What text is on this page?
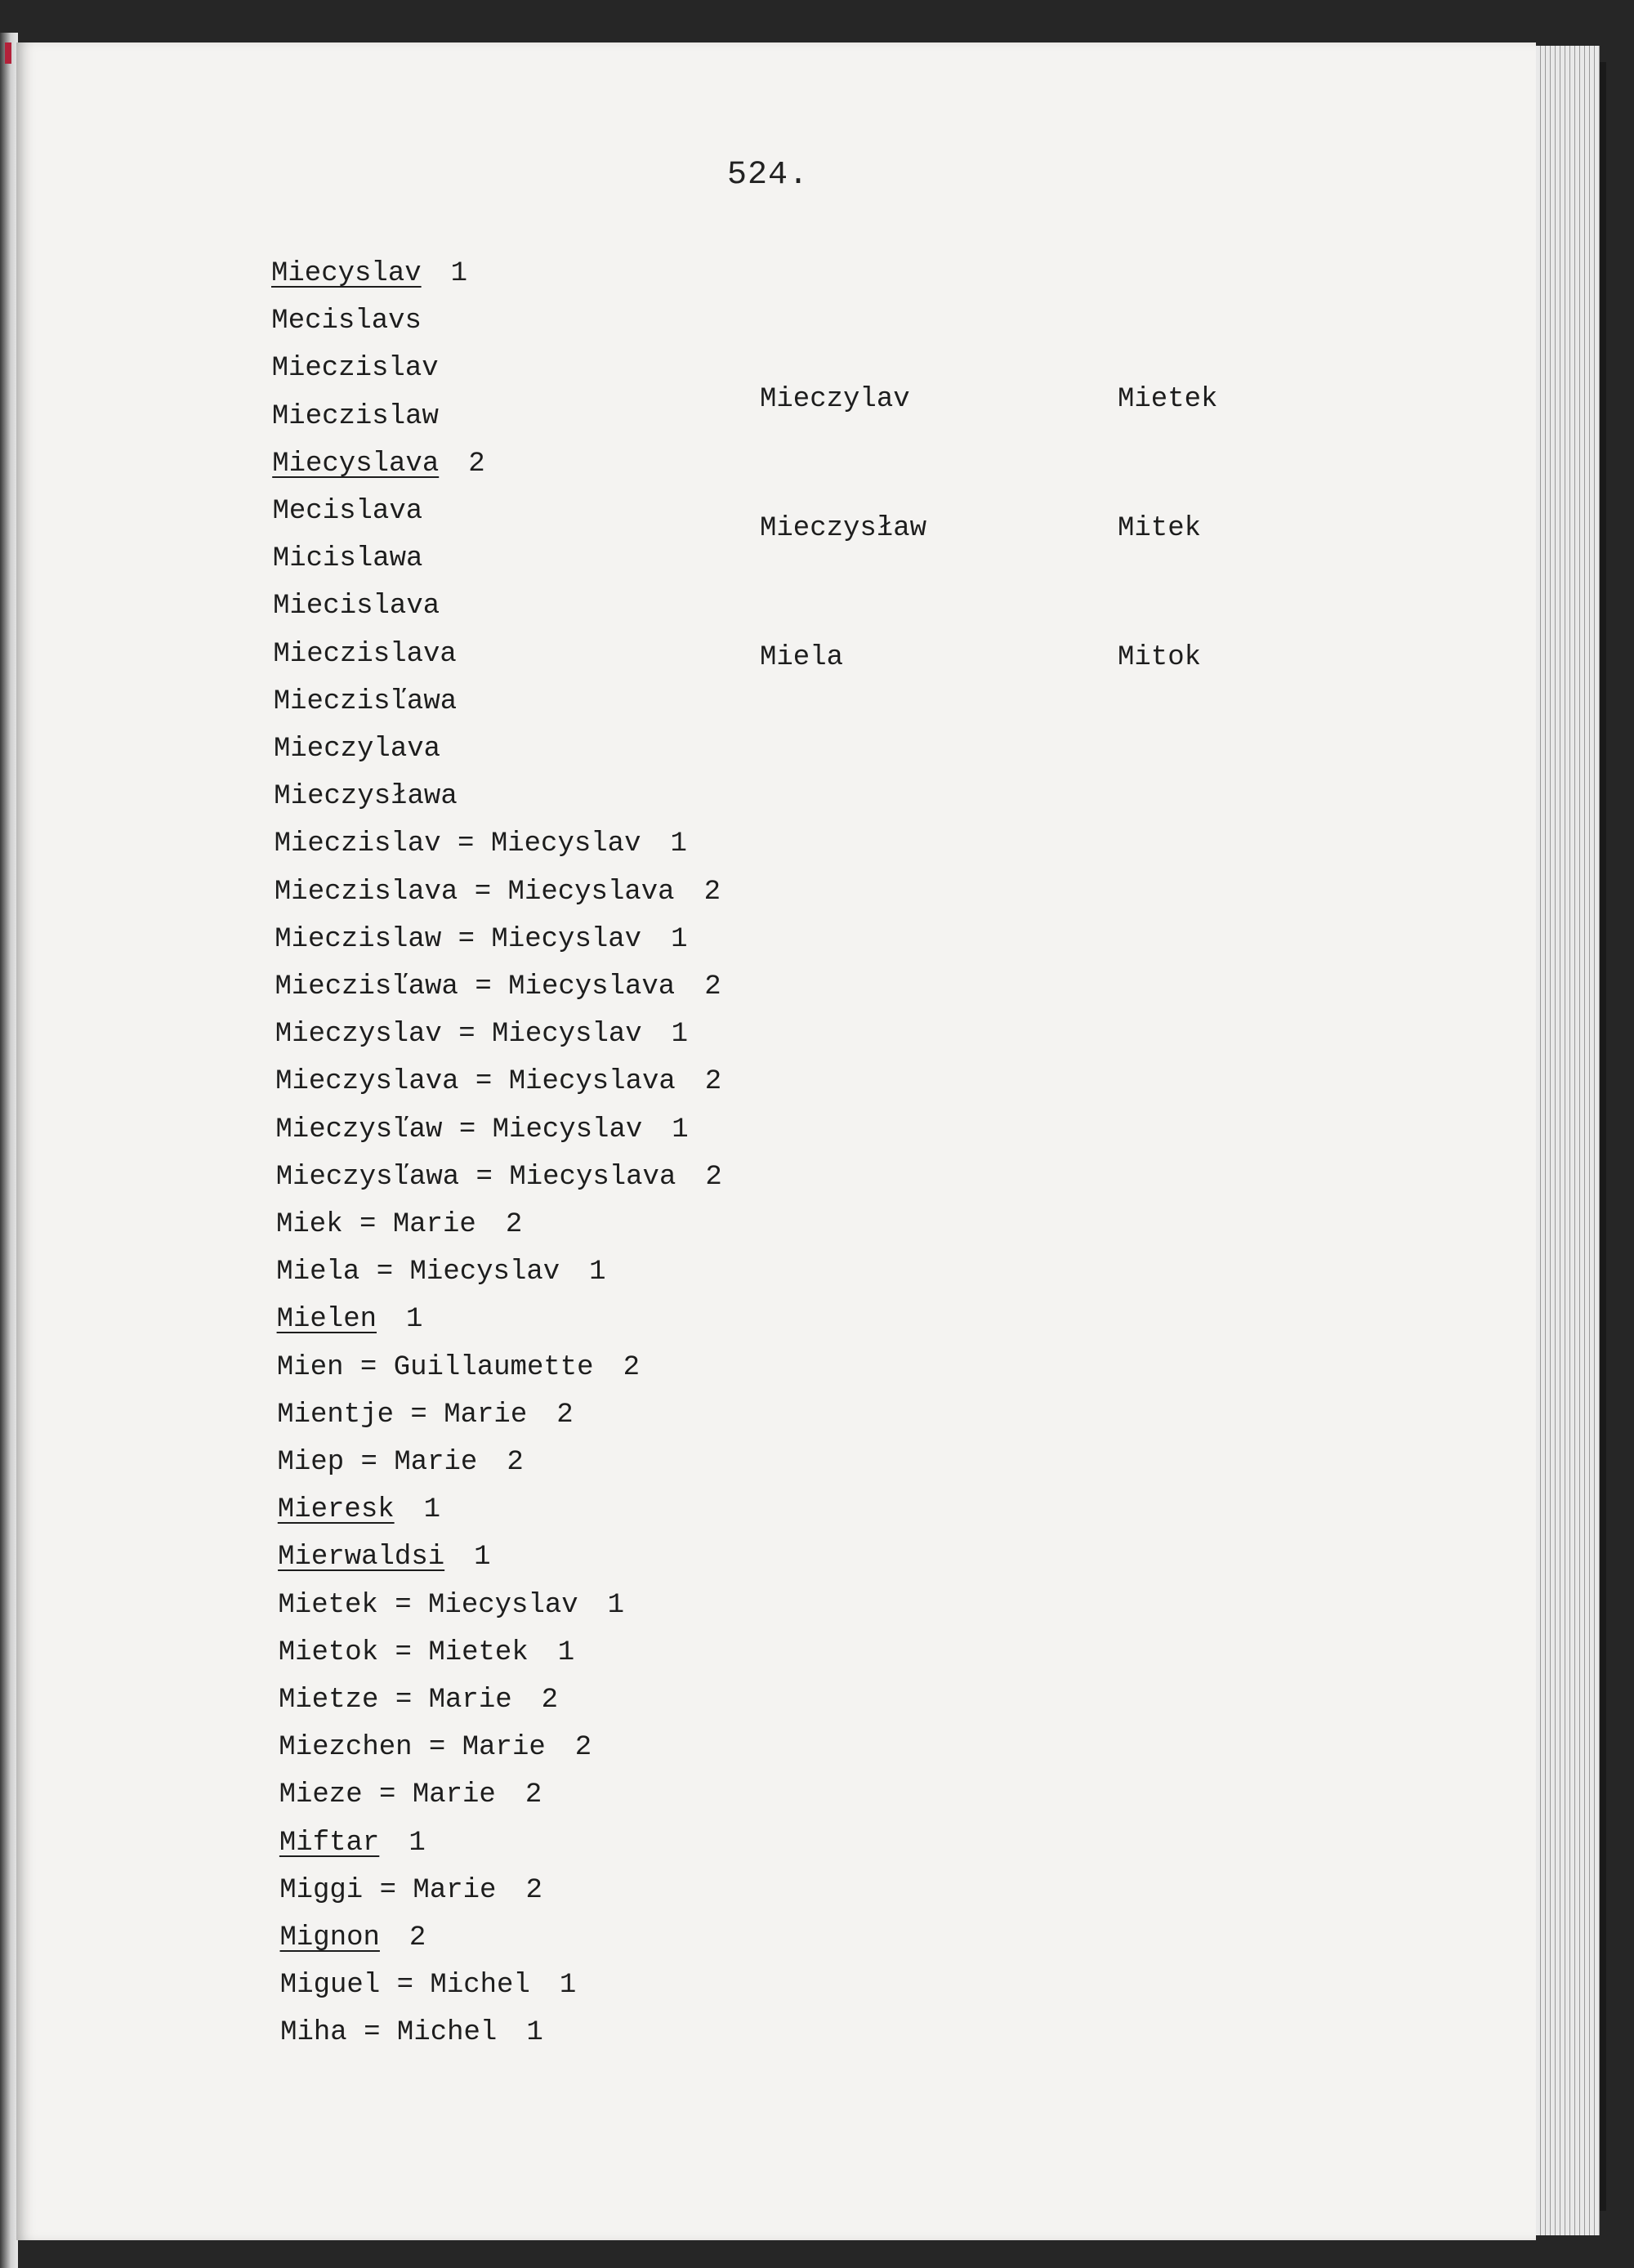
524.
Miecyslav 1
Mecislavs
Mieczislav
Mieczislaw
Miecyslava 2
Mecislava
Micislawa
Miecislava
Mieczislava
Mieczisľawa
Mieczylava
Mieczysława
Mieczislav = Miecyslav 1
Mieczislava = Miecyslava 2
Mieczislaw = Miecyslav 1
Mieczisľawa = Miecyslava 2
Mieczyslav = Miecyslav 1
Mieczyslava = Miecyslava 2
Mieczysľaw = Miecyslav 1
Mieczysľawa = Miecyslava 2
Miek = Marie 2
Miela = Miecyslav 1
Mielen 1
Mien = Guillaumette 2
Mientje = Marie 2
Miep = Marie 2
Mieresk 1
Mierwaldsi 1
Mietek = Miecyslav 1
Mietok = Mietek 1
Mietze = Marie 2
Miezchen = Marie 2
Mieze = Marie 2
Miftar 1
Miggi = Marie 2
Mignon 2
Miguel = Michel 1
Miha = Michel 1

Mieczylav

Mieczysław

Miela

Mietek

Mitek

Mitok
